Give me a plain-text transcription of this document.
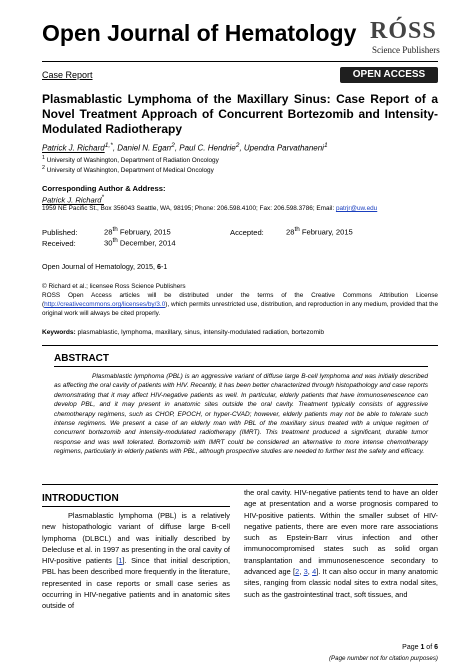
Open Journal of Hematology RÓSS
Science Publishers
Case Report	OPEN ACCESS
Plasmablastic Lymphoma of the Maxillary Sinus: Case Report of a Novel Treatment Approach of Concurrent Bortezomib and Intensity-Modulated Radiotherapy
Patrick J. Richard$^{1,*}$, Daniel N. Egan$^2$, Paul C. Hendrie$^2$, Upendra Parvathaneni$^1$
$^1$ University of Washington, Department of Radiation Oncology
$^2$ University of Washington, Department of Medical Oncology
Corresponding Author & Address:
Patrick J. Richard*
1959 NE Pacific St., Box 356043 Seattle, WA, 98195; Phone: 206.598.4100; Fax: 206.598.3786; Email: patrjr@uw.edu
Published:	28th February, 2015	Accepted:	28th February, 2015
Received:	30th December, 2014
Open Journal of Hematology, 2015, 6-1
© Richard et al.; licensee Ross Science Publishers
ROSS Open Access articles will be distributed under the terms of the Creative Commons Attribution License (http://creativecommons.org/licenses/by/3.0), which permits unrestricted use, distribution, and reproduction in any medium, provided that the original work will always be cited properly.
Keywords: plasmablastic, lymphoma, maxillary, sinus, intensity-modulated radiation, bortezomib
ABSTRACT
Plasmablastic lymphoma (PBL) is an aggressive variant of diffuse large B-cell lymphoma and was initially described as affecting the oral cavity of patients with HIV. Recently, it has been better characterized through histopathology and case reports demonstrating that it may affect HIV-negative patients as well. In particular, elderly patients that have immunosenescence can develop PBL, and it may present in anatomic sites outside the oral cavity. Treatment typically consists of aggressive chemotherapy regimens, such as CHOP, EPOCH, or hyper-CVAD; however, elderly patients may not be able to tolerate such intense regimens. We present a case of an elderly man with PBL of the maxillary sinus treated with a unique regimen of concurrent bortezomib and intensity-modulated radiotherapy (IMRT). This treatment produced a significant, durable tumor response and was well tolerated. Bortezomib with IMRT could be considered an alternative to more intense chemotherapy regimens, particularly in elderly patients with PBL, although prospective studies are needed to further test the safety and efficacy.
INTRODUCTION
Plasmablastic lymphoma (PBL) is a relatively new histopathologic variant of diffuse large B-cell lymphoma (DLBCL) and was initially described by Delecluse et al. in 1997 as presenting in the oral cavity of HIV-positive patients [1]. Since that initial description, PBL has been described more frequently in the literature, represented in case reports or small case series as occurring in HIV-negative patients and in anatomic sites outside of
the oral cavity. HIV-negative patients tend to have an older age at presentation and a worse prognosis compared to HIV-positive patients. Within the smaller subset of HIV-negative patients, there are even more rare associations such as Epstein-Barr virus infection and other immunocompromised states such as solid organ transplantation and immunosenescence secondary to advanced age [2, 3, 4]. It can also occur in many anatomic sites, ranging from classic nodal sites to extra nodal sites, such as the gastrointestinal tract, soft tissues, and
Page 1 of 6
(Page number not for citation purposes)
